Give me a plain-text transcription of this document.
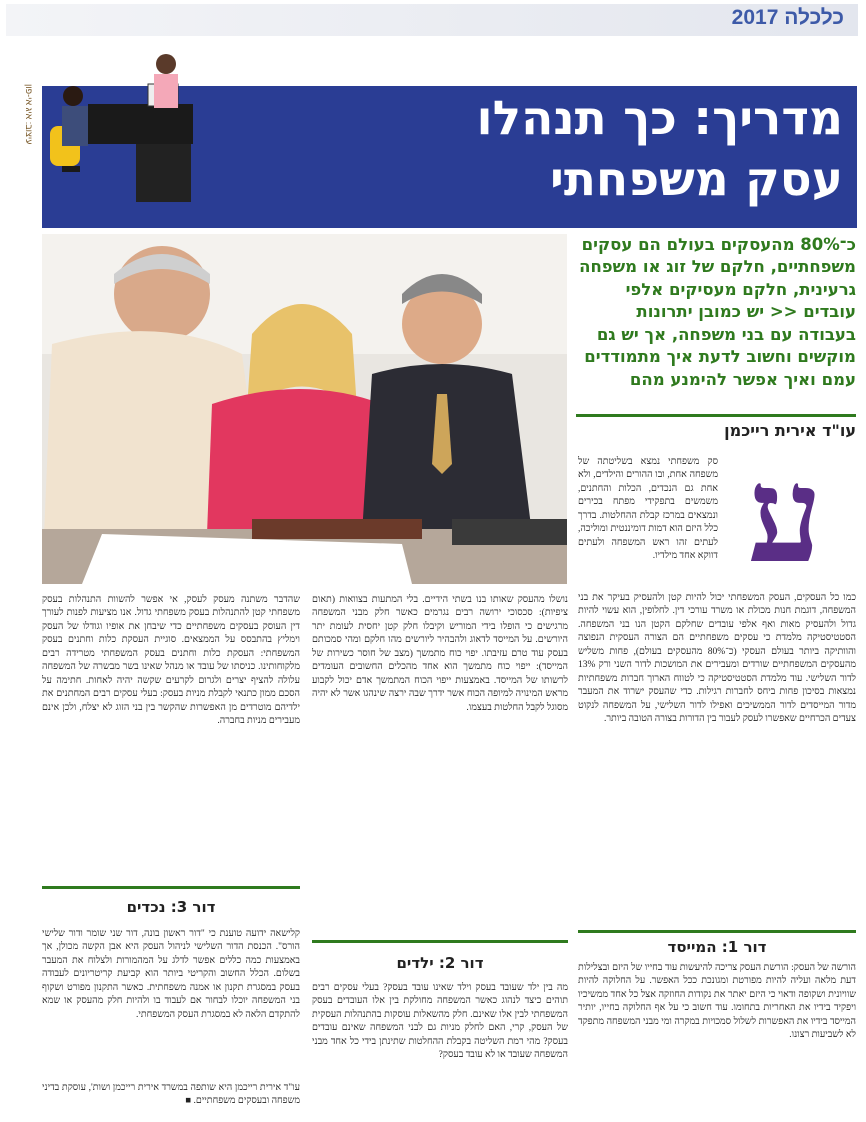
כלכלה 2017
עיצוב: איג אי-פון	מדריך: כך תנהלו
עסק משפחתי
כ־80% מהעסקים בעולם הם עסקים משפחתיים, חלקם של זוג או משפחה גרעינית, חלקם מעסיקים אלפי עובדים << יש כמובן יתרונות בעבודה עם בני משפחה, אך יש גם מוקשים וחשוב לדעת איך מתמודדים עמם ואיך אפשר להימנע מהם
עו"ד אירית רייכמן
ע
סק משפחתי נמצא בשליטתה של משפחה אחת, ובו ההורים והילדים, ולא אחת גם הנכדים, הכלות והחתנים, משמשים בתפקידי מפתח בכירים ונמצאים במרכז קבלת ההחלטות. בדרך כלל היזם הוא דמות דומיננטית ומוליכה, לעתים זהו ראש המשפחה ולעתים דווקא אחד מילדיו.
כמו כל העסקים, העסק המשפחתי יכול להיות קטן ולהעסיק בעיקר את בני המשפחה, דוגמת חנות מכולת או משרד עורכי דין. לחלופין, הוא עשוי להיות גדול ולהעסיק מאות ואף אלפי עובדים שחלקם הקטן הנו בני המשפחה. הסטטיסטיקה מלמדת כי עסקים משפחתיים הם הצורה העסקית הנפוצה והוותיקה ביותר בעולם העסקי (כ־80% מהעסקים בעולם), פחות משליש מהעסקים המשפחתיים שורדים ומעבירים את המושכות לדור השני ורק 13% לדור השלישי. עוד מלמדת הסטטיסטיקה כי לטווח הארוך חברות משפחתיות נמצאות בסיכון פחות ביחס לחברות רגילות. כדי שהעסק ישרוד את המעבר מדור המייסדים לדור הממשיכים ואפילו לדור השלישי, על המשפחה לנקוט צעדים הכרחיים שאפשרו לעסק לעבור בין הדורות בצורה הטובה ביותר.
דור 1: המייסד
הורשה של העסק: הורשת העסק צריכה להיעשות עוד בחייו של היזם ובצלילות דעת מלאה ועליה להיות מפורטת ומגונכת ככל האפשר. על החלוקה להיות שוויונית ושקופה ודאוי כי היזם יאתר את נקודות החוזקה אצל כל אחד ממשיכיו ויפקיד בידיו את האחריות בתחומו. עוד חשוב כי על אף החלוקה בחייו, יותיר המייסד בידיו את האפשרות לשלול סמכויות במקרה ומי מבני המשפחה מתפקד לא לשביעות רצונו.
נושלו מהעסק שאותו בנו בשתי הידיים. בלי המתעות בצוואות (תאום ציפיות): סכסוכי ירושה רבים נגרמים כאשר חלק מבני המשפחה מרגישים כי הופלו בידי המוריש וקיבלו חלק קטן יחסית לעומת יתר היורשים. על המייסד לדאוג ולהבהיר ליורשים מהו חלקם ומהי סמכותם בעסק עוד טרם עזיבתו. יפוי כוח מתמשך (מצב של חוסר כשירות של המייסד): ייפוי כוח מתמשך הוא אחד מהכלים החשובים העומדים לרשותו של המייסד. באמצעות ייפוי הכוח המתמשך אדם יכול לקבוע מראש המינויה למיופה הכוח אשר ידרך שבה ירצה שינהגו אשר לא יהיה מסוגל לקבל החלטות בעצמו.
דור 2: ילדים
מה בין ילד שעובד בעסק וילד שאינו עובד בעסק? בעלי עסקים רבים תוהים כיצד לנהוג כאשר המשפחה מחולקת בין אלו העובדים בעסק המשפחתי לבין אלו שאינם. חלק מהשאלות עוסקות בהתנהלות העסקית של העסק, קרי, האם לחלק מניות גם לבני המשפחה שאינם עובדים בעסק? מהי רמת השליטה בקבלת ההחלטות שתינתן בידי כל אחד מבני המשפחה שעובד או לא עובד בעסק?
שהדבר משתנה מעסק לעסק, אי אפשר להשוות התנהלות בעסק משפחתי קטן להתנהלות בעסק משפחתי גדול. אנו מציעות לפנות לעורך דין העוסק בעסקים משפחתיים כדי שיבחן את אופיו וגודלו של העסק וימליץ בהתבסס על הממצאים. סוגיית העסקת כלות וחתנים בעסק המשפחתי: העסקת כלות וחתנים בעסק המשפחתי מטרידה רבים מלקוחותינו. כניסתו של עובד או מנהל שאינו בשר מבשרה של המשפחה עלולה להציף יצרים ולגרום לקרעים שקשה יהיה לאחות. חתימה על הסכם ממון כתנאי לקבלת מניות בעסק: בעלי עסקים רבים המחתנים את ילדיהם מוטרדים מן האפשרות שהקשר בין בני הזוג לא יצלח, ולכן אינם מעבירים מניות בחברה.
דור 3: נכדים
קלישאה ידועה טוענת כי "דור ראשון בונה, דור שני שומר ודור שלישי הורס". הכנסת הדור השלישי לניהול העסק היא אבן הקשה מכולן, אך באמצעות כמה כללים אפשר לדלג על המהמורות ולצלוח את המעבר בשלום. הכלל החשוב והקריטי ביותר הוא קביעת קריטריונים לעבודה בעסק במסגרת תקנון או אמנה משפחתית. כאשר התקנון מפורט ושקוף בני המשפחה יוכלו לבחור אם לעבוד בו ולהיות חלק מהעסק או שמא להתקדם הלאה לא במסגרת העסק המשפחתי.
עו"ד אירית רייכמן היא שותפה במשרד אירית רייכמן ושות', עוסקת בדיני משפחה ובעסקים משפחתיים. ■
